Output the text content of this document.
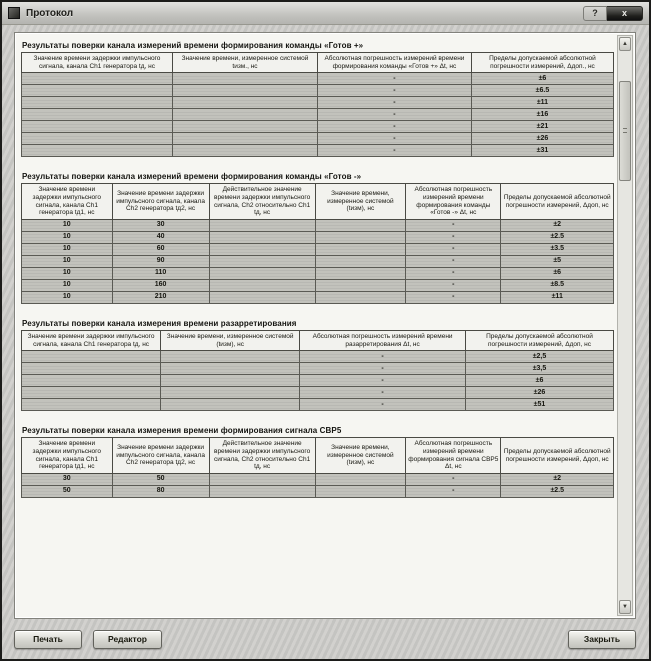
Протокол	?	x
Результаты поверки канала измерений времени формирования команды «Готов +»
Значение времени задержки импульсного сигнала, канала Ch1 генератора tд, нс	Значение времени, измеренное системой tизм., нс	Абсолютная погрешность измерений времени формирования команды «Готов +» Δt, нс	Пределы допускаемой абсолютной погрешности измерений, Δдоп., нс
		-	±6
		-	±6.5
		-	±11
		-	±16
		-	±21
		-	±26
		-	±31
Результаты поверки канала измерений времени формирования команды «Готов -»
Значение времени задержки импульсного сигнала, канала Ch1 генератора tд1, нс	Значение времени задержки импульсного сигнала, канала Ch2 генератора tд2, нс	Действительное значение времени задержки импульсного сигнала, Ch2 относительно Ch1 tд, нс	Значение времени, измеренное системой (tизм), нс	Абсолютная погрешность измерений времени формирования команды «Готов -» Δt, нс	Пределы допускаемой абсолютной погрешности измерений, Δдоп, нс
10	30			-	±2
10	40			-	±2.5
10	60			-	±3.5
10	90			-	±5
10	110			-	±6
10	160			-	±8.5
10	210			-	±11
Результаты поверки канала измерения времени разарретирования
Значение времени задержки импульсного сигнала, канала Ch1 генератора tд, нс	Значение времени, измеренное системой (tизм), нс	Абсолютная погрешность измерений времени разарретирования Δt, нс	Пределы допускаемой абсолютной погрешности измерений, Δдоп, нс
		-	±2,5
		-	±3,5
		-	±6
		-	±26
		-	±51
Результаты поверки канала измерения времени формирования сигнала СВР5
Значение времени задержки импульсного сигнала, канала Ch1 генератора tд1, нс	Значение времени задержки импульсного сигнала, канала Ch2 генератора tд2, нс	Действительное значение времени задержки импульсного сигнала, Ch2 относительно Ch1 tд, нс	Значение времени, измеренное системой (tизм), нс	Абсолютная погрешность измерений времени формирования сигнала СВР5 Δt, нс	Пределы допускаемой абсолютной погрешности измерений, Δдоп, нс
30	50			-	±2
50	80			-	±2.5
▲
▼
Печать	Редактор	Закрыть
